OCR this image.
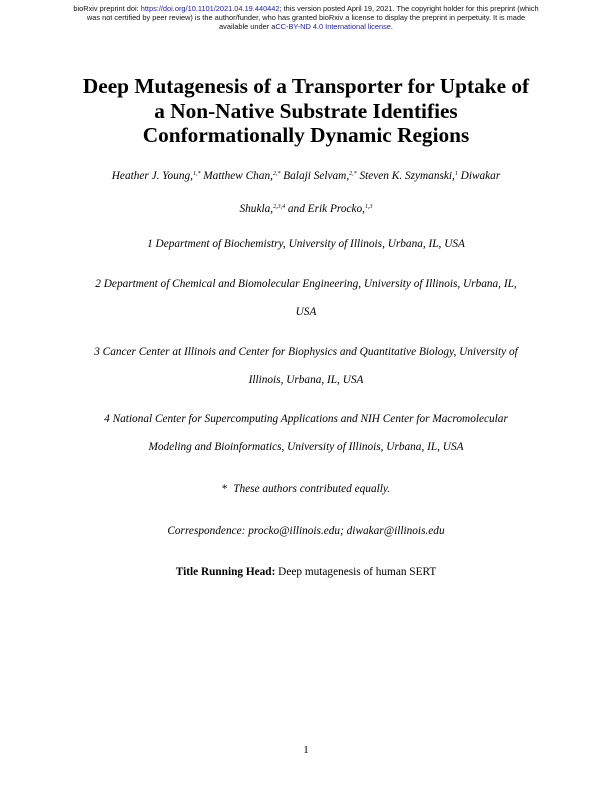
bioRxiv preprint doi: https://doi.org/10.1101/2021.04.19.440442; this version posted April 19, 2021. The copyright holder for this preprint (which
was not certified by peer review) is the author/funder, who has granted bioRxiv a license to display the preprint in perpetuity. It is made
available under aCC-BY-ND 4.0 International license.
Deep Mutagenesis of a Transporter for Uptake of
a Non-Native Substrate Identifies
Conformationally Dynamic Regions
Heather J. Young,$^{1,*}$ Matthew Chan,$^{2,*}$ Balaji Selvam,$^{2,*}$ Steven K. Szymanski,$^1$ Diwakar
Shukla,$^{2,3,4}$ and Erik Procko,$^{1,3}$
1 Department of Biochemistry, University of Illinois, Urbana, IL, USA
2 Department of Chemical and Biomolecular Engineering, University of Illinois, Urbana, IL,
USA
3 Cancer Center at Illinois and Center for Biophysics and Quantitative Biology, University of
Illinois, Urbana, IL, USA
4 National Center for Supercomputing Applications and NIH Center for Macromolecular
Modeling and Bioinformatics, University of Illinois, Urbana, IL, USA
*  These authors contributed equally.
Correspondence: procko@illinois.edu; diwakar@illinois.edu
Title Running Head: Deep mutagenesis of human SERT
1
